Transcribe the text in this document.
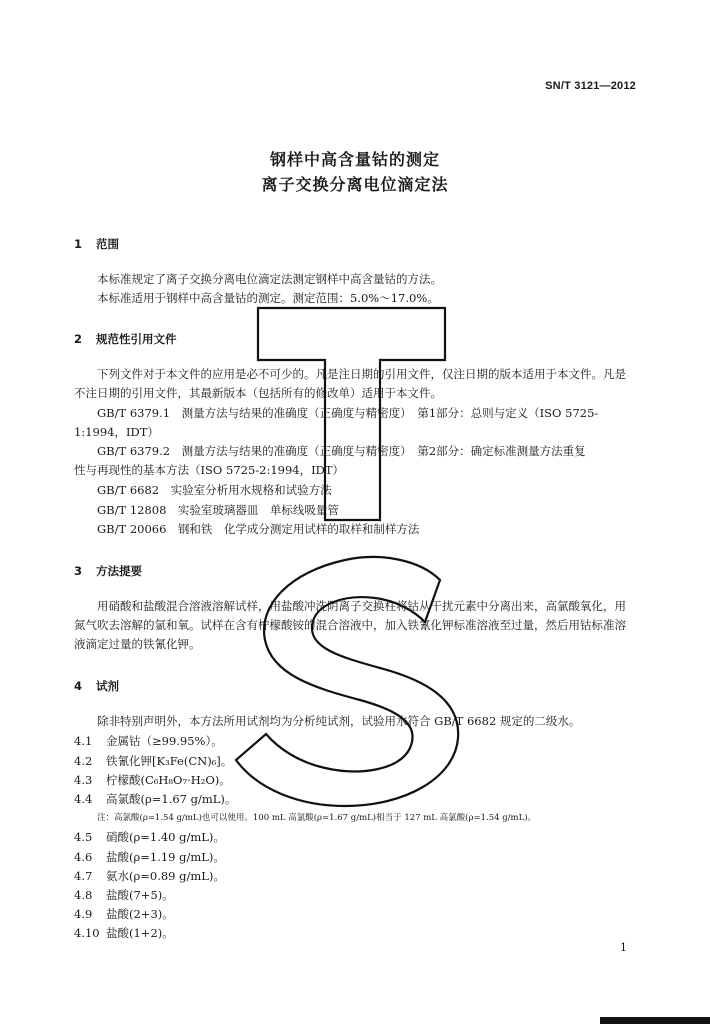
SN/T 3121—2012
钢样中高含量钴的测定
离子交换分离电位滴定法
1 范围
本标准规定了离子交换分离电位滴定法测定钢样中高含量钴的方法。
本标准适用于钢样中高含量钴的测定。测定范围：5.0%～17.0%。
2 规范性引用文件
下列文件对于本文件的应用是必不可少的。凡是注日期的引用文件，仅注日期的版本适用于本文件。凡是不注日期的引用文件，其最新版本（包括所有的修改单）适用于本文件。
GB/T 6379.1　测量方法与结果的准确度（正确度与精密度）　第1部分：总则与定义（ISO 5725-
1:1994，IDT）
GB/T 6379.2　测量方法与结果的准确度（正确度与精密度）　第2部分：确定标准测量方法重复
性与再现性的基本方法（ISO 5725-2:1994，IDT）
GB/T 6682　实验室分析用水规格和试验方法
GB/T 12808　实验室玻璃器皿　单标线吸量管
GB/T 20066　钢和铁　化学成分测定用试样的取样和制样方法
3 方法提要
用硝酸和盐酸混合溶液溶解试样，用盐酸冲洗阴离子交换柱将钴从干扰元素中分离出来，高氯酸氧化，用氮气吹去溶解的氯和氧。试样在含有柠檬酸铵的混合溶液中，加入铁氰化钾标准溶液至过量，然后用钴标准溶液滴定过量的铁氰化钾。
4 试剂
除非特别声明外，本方法所用试剂均为分析纯试剂，试验用水符合 GB/T 6682 规定的二级水。
4.1 金属钴（≥99.95%）。
4.2 铁氰化钾[K₃Fe(CN)₆]。
4.3 柠檬酸(C₆H₈O₇·H₂O)。
4.4 高氯酸(ρ=1.67 g/mL)。
注：高氯酸(ρ=1.54 g/mL)也可以使用。100 mL 高氯酸(ρ=1.67 g/mL)相当于 127 mL 高氯酸(ρ=1.54 g/mL)。
4.5 硝酸(ρ=1.40 g/mL)。
4.6 盐酸(ρ=1.19 g/mL)。
4.7 氨水(ρ=0.89 g/mL)。
4.8 盐酸(7+5)。
4.9 盐酸(2+3)。
4.10 盐酸(1+2)。
1
